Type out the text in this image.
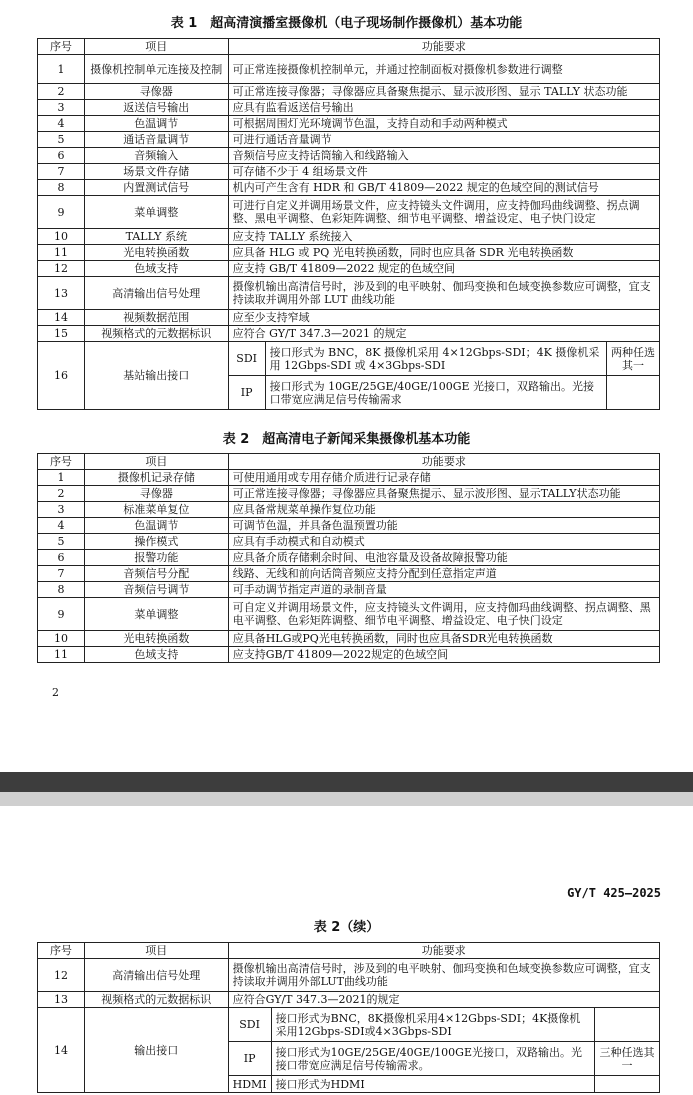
表 1　超高清演播室摄像机（电子现场制作摄像机）基本功能
序号	项目	功能要求
1	摄像机控制单元连接及控制	可正常连接摄像机控制单元，并通过控制面板对摄像机参数进行调整
2	寻像器	可正常连接寻像器；寻像器应具备聚焦提示、显示波形图、显示 TALLY 状态功能
3	返送信号输出	应具有监看返送信号输出
4	色温调节	可根据周围灯光环境调节色温，支持自动和手动两种模式
5	通话音量调节	可进行通话音量调节
6	音频输入	音频信号应支持话筒输入和线路输入
7	场景文件存储	可存储不少于 4 组场景文件
8	内置测试信号	机内可产生含有 HDR 和 GB/T 41809—2022 规定的色域空间的测试信号
9	菜单调整	可进行自定义并调用场景文件，应支持镜头文件调用，应支持伽玛曲线调整、拐点调整、黑电平调整、色彩矩阵调整、细节电平调整、增益设定、电子快门设定
10	TALLY 系统	应支持 TALLY 系统接入
11	光电转换函数	应具备 HLG 或 PQ 光电转换函数，同时也应具备 SDR 光电转换函数
12	色域支持	应支持 GB/T 41809—2022 规定的色域空间
13	高清输出信号处理	摄像机输出高清信号时，涉及到的电平映射、伽玛变换和色域变换参数应可调整，宜支持读取并调用外部 LUT 曲线功能
14	视频数据范围	应至少支持窄域
15	视频格式的元数据标识	应符合 GY/T 347.3—2021 的规定
16	基站输出接口	
SDI	接口形式为 BNC，8K 摄像机采用 4×12Gbps-SDI；4K 摄像机采用 12Gbps-SDI 或 4×3Gbps-SDI	两种任选其一

IP	接口形式为 10GE/25GE/40GE/100GE 光接口，双路输出。光接口带宽应满足信号传输需求	
表 2　超高清电子新闻采集摄像机基本功能
序号	项目	功能要求
1	摄像机记录存储	可使用通用或专用存储介质进行记录存储
2	寻像器	可正常连接寻像器；寻像器应具备聚焦提示、显示波形图、显示TALLY状态功能
3	标准菜单复位	应具备常规菜单操作复位功能
4	色温调节	可调节色温，并具备色温预置功能
5	操作模式	应具有手动模式和自动模式
6	报警功能	应具备介质存储剩余时间、电池容量及设备故障报警功能
7	音频信号分配	线路、无线和前向话筒音频应支持分配到任意指定声道
8	音频信号调节	可手动调节指定声道的录制音量
9	菜单调整	可自定义并调用场景文件，应支持镜头文件调用，应支持伽玛曲线调整、拐点调整、黑电平调整、色彩矩阵调整、细节电平调整、增益设定、电子快门设定
10	光电转换函数	应具备HLG或PQ光电转换函数，同时也应具备SDR光电转换函数
11	色域支持	应支持GB/T 41809—2022规定的色域空间
2
GY/T 425—2025
表 2（续）
序号	项目	功能要求
12	高清输出信号处理	摄像机输出高清信号时，涉及到的电平映射、伽玛变换和色域变换参数应可调整，宜支持读取并调用外部LUT曲线功能
13	视频格式的元数据标识	应符合GY/T 347.3—2021的规定
14	输出接口	
SDI	接口形式为BNC，8K摄像机采用4×12Gbps-SDI；4K摄像机采用12Gbps-SDI或4×3Gbps-SDI	

IP	接口形式为10GE/25GE/40GE/100GE光接口，双路输出。光接口带宽应满足信号传输需求。	三种任选其一

HDMI	接口形式为HDMI	
